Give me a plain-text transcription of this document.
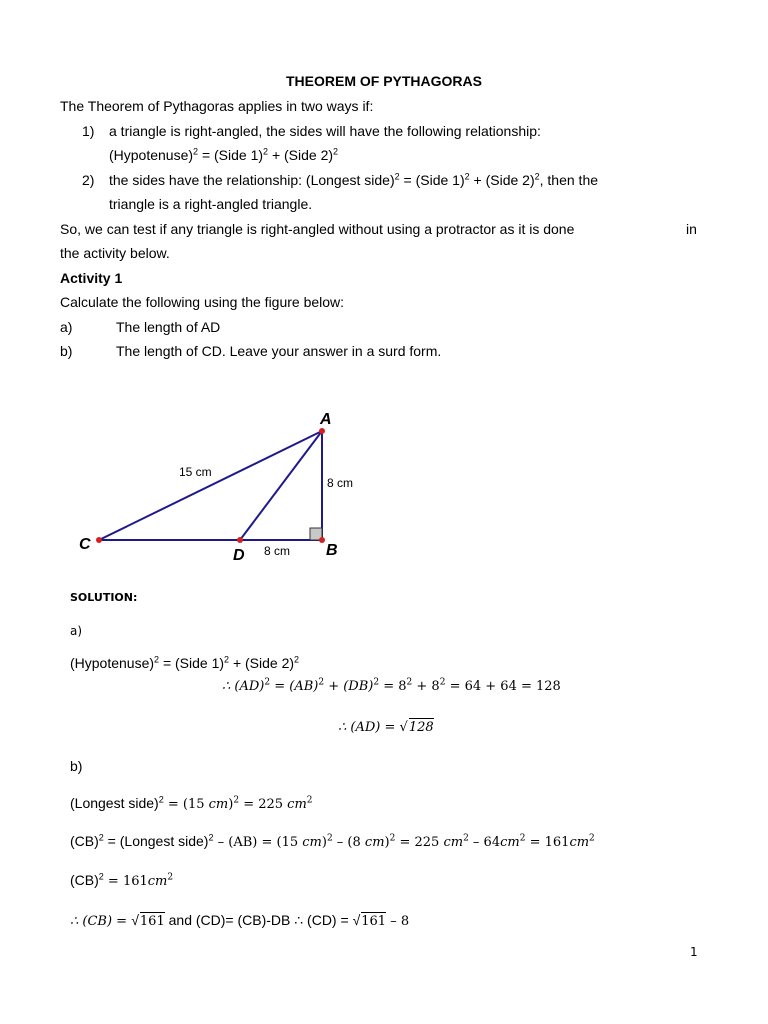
THEOREM OF PYTHAGORAS
The Theorem of Pythagoras applies in two ways if:
1) a triangle is right-angled, the sides will have the following relationship:
(Hypotenuse)$^2$ = (Side 1)$^2$ + (Side 2)$^2$
2) the sides have the relationship: (Longest side)$^2$ = (Side 1)$^2$ + (Side 2)$^2$, then the
triangle is a right-angled triangle.
So, we can test if any triangle is right-angled without using a protractor as it is done	in
the activity below.
Activity 1
Calculate the following using the figure below:
a)	The length of AD
b)	The length of CD. Leave your answer in a surd form.
A
B
C
D
15 cm
8 cm
8 cm
SOLUTION:
a)
(Hypotenuse)$^2$ = (Side 1)$^2$ + (Side 2)$^2$
∴ $(AD)^2 = (AB)^2 + (DB)^2 = 8^2 + 8^2 = 64 + 64 = 128$
∴ (AD) = √128
b)
(Longest side)$^2$ = (15 cm)$^2$ = 225 $cm^2$
(CB)$^2$ = (Longest side)$^2$ – (AB) = (15 cm)$^2$ – (8 cm)$^2$ = 225 $cm^2 - 64cm^2 = 161cm^2$
$(CB)^2 = 161cm^2$
∴ (CB) = √161 and (CD)= (CB)-DB ∴ (CD) = √161 – 8
1
